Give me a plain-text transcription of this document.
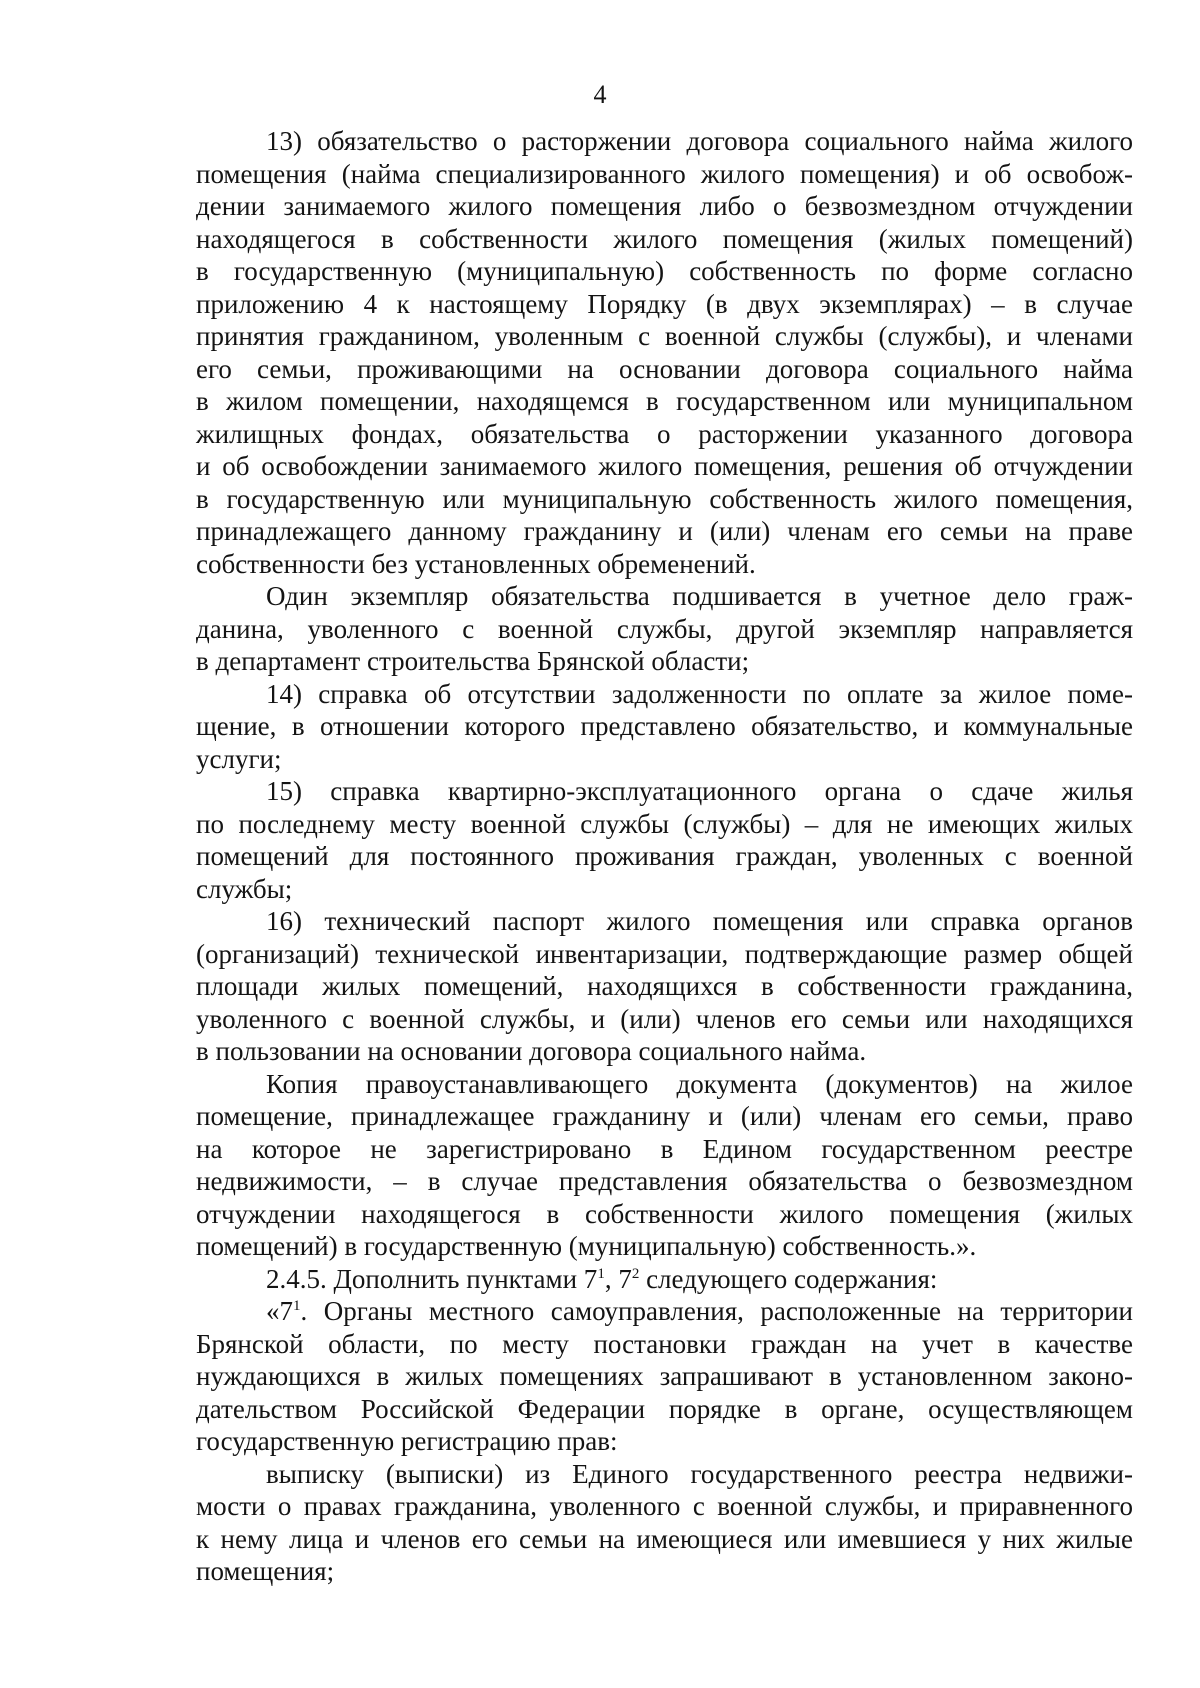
4
13) обязательство о расторжении договора социального найма жилого
помещения (найма специализированного жилого помещения) и об освобож-
дении занимаемого жилого помещения либо о безвозмездном отчуждении
находящегося в собственности жилого помещения (жилых помещений)
в государственную (муниципальную) собственность по форме согласно
приложению 4 к настоящему Порядку (в двух экземплярах) – в случае
принятия гражданином, уволенным с военной службы (службы), и членами
его семьи, проживающими на основании договора социального найма
в жилом помещении, находящемся в государственном или муниципальном
жилищных фондах, обязательства о расторжении указанного договора
и об освобождении занимаемого жилого помещения, решения об отчуждении
в государственную или муниципальную собственность жилого помещения,
принадлежащего данному гражданину и (или) членам его семьи на праве
собственности без установленных обременений.
Один экземпляр обязательства подшивается в учетное дело граж-
данина, уволенного с военной службы, другой экземпляр направляется
в департамент строительства Брянской области;
14) справка об отсутствии задолженности по оплате за жилое поме-
щение, в отношении которого представлено обязательство, и коммунальные
услуги;
15) справка квартирно-эксплуатационного органа о сдаче жилья
по последнему месту военной службы (службы) – для не имеющих жилых
помещений для постоянного проживания граждан, уволенных с военной
службы;
16) технический паспорт жилого помещения или справка органов
(организаций) технической инвентаризации, подтверждающие размер общей
площади жилых помещений, находящихся в собственности гражданина,
уволенного с военной службы, и (или) членов его семьи или находящихся
в пользовании на основании договора социального найма.
Копия правоустанавливающего документа (документов) на жилое
помещение, принадлежащее гражданину и (или) членам его семьи, право
на которое не зарегистрировано в Едином государственном реестре
недвижимости, – в случае представления обязательства о безвозмездном
отчуждении находящегося в собственности жилого помещения (жилых
помещений) в государственную (муниципальную) собственность.».
2.4.5. Дополнить пунктами $7^1$, $7^2$ следующего содержания:
«$7^1$. Органы местного самоуправления, расположенные на территории
Брянской области, по месту постановки граждан на учет в качестве
нуждающихся в жилых помещениях запрашивают в установленном законо-
дательством Российской Федерации порядке в органе, осуществляющем
государственную регистрацию прав:
выписку (выписки) из Единого государственного реестра недвижи-
мости о правах гражданина, уволенного с военной службы, и приравненного
к нему лица и членов его семьи на имеющиеся или имевшиеся у них жилые
помещения;
